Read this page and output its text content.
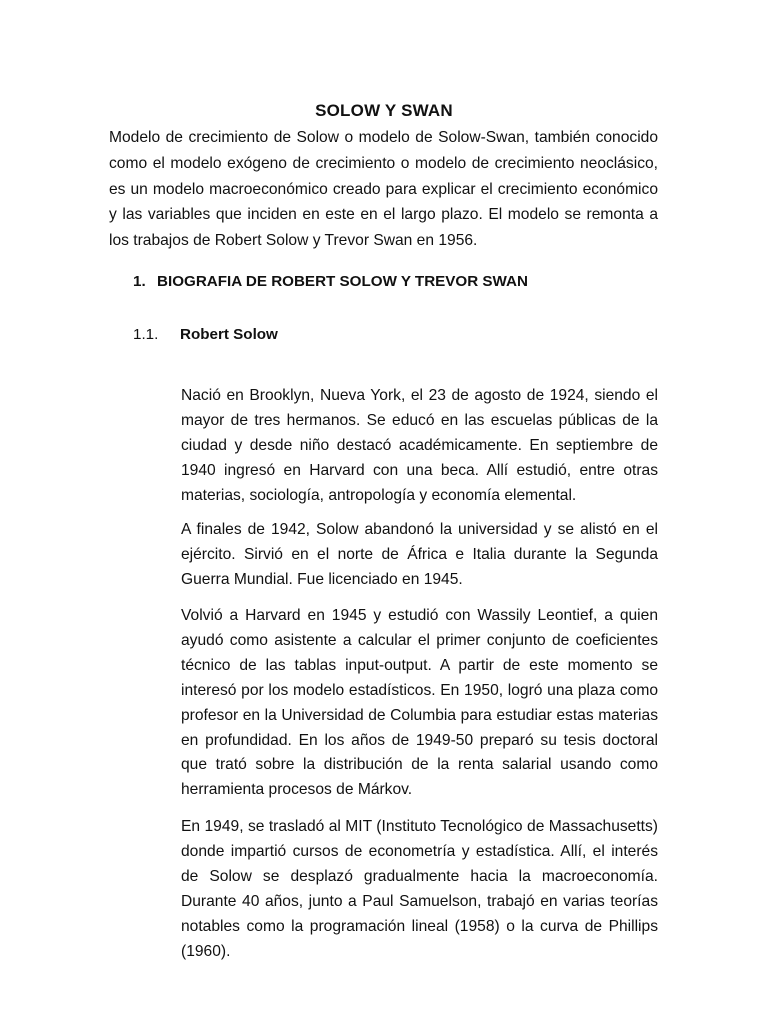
SOLOW Y SWAN

Modelo de crecimiento de Solow o modelo de Solow-Swan, también conocido como el modelo exógeno de crecimiento o modelo de crecimiento neoclásico, es un modelo macroeconómico creado para explicar el crecimiento económico y las variables que inciden en este en el largo plazo. El modelo se remonta a los trabajos de Robert Solow y Trevor Swan en 1956.

1. BIOGRAFIA DE ROBERT SOLOW Y TREVOR SWAN
1.1. Robert Solow

Nació en Brooklyn, Nueva York, el 23 de agosto de 1924, siendo el mayor de tres hermanos. Se educó en las escuelas públicas de la ciudad y desde niño destacó académicamente. En septiembre de 1940 ingresó en Harvard con una beca. Allí estudió, entre otras materias, sociología, antropología y economía elemental.

A finales de 1942, Solow abandonó la universidad y se alistó en el ejército. Sirvió en el norte de África e Italia durante la Segunda Guerra Mundial. Fue licenciado en 1945.

Volvió a Harvard en 1945 y estudió con Wassily Leontief, a quien ayudó como asistente a calcular el primer conjunto de coeficientes técnico de las tablas input-output. A partir de este momento se interesó por los modelo estadísticos. En 1950, logró una plaza como profesor en la Universidad de Columbia para estudiar estas materias en profundidad. En los años de 1949-50 preparó su tesis doctoral que trató sobre la distribución de la renta salarial usando como herramienta procesos de Márkov.

En 1949, se trasladó al MIT (Instituto Tecnológico de Massachusetts) donde impartió cursos de econometría y estadística. Allí, el interés de Solow se desplazó gradualmente hacia la macroeconomía. Durante 40 años, junto a Paul Samuelson, trabajó en varias teorías notables como la programación lineal (1958) o la curva de Phillips (1960).
